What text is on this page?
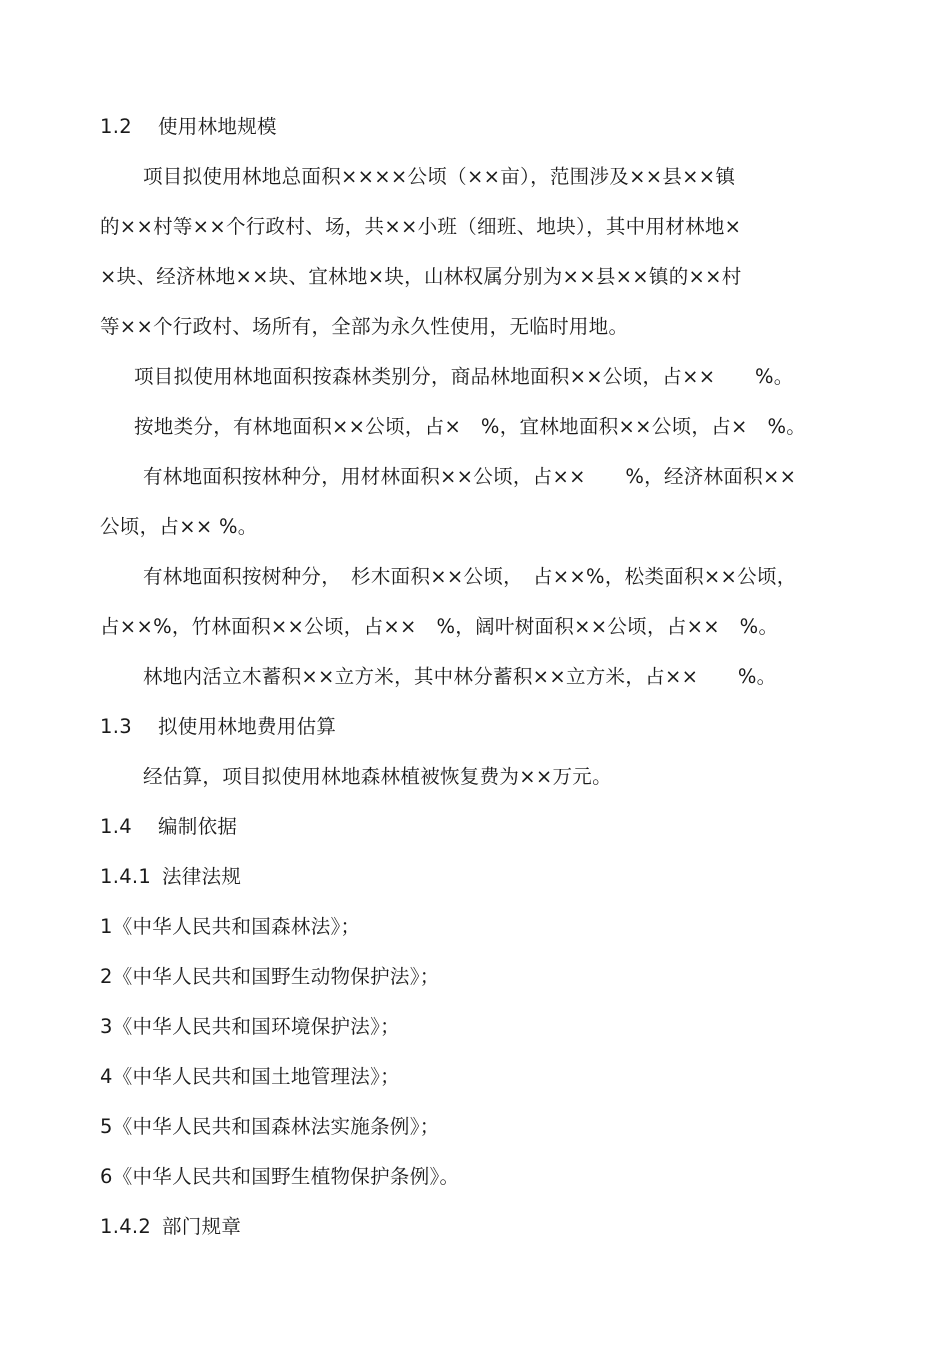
1.2 使用林地规模
项目拟使用林地总面积××××公顷（××亩），范围涉及××县××镇
的××村等××个行政村、场，共××小班（细班、地块），其中用材林地×
×块、经济林地××块、宜林地×块，山林权属分别为××县××镇的××村
等××个行政村、场所有，全部为永久性使用，无临时用地。
项目拟使用林地面积按森林类别分，商品林地面积××公顷，占××　　%。
按地类分，有林地面积××公顷，占×　%，宜林地面积××公顷，占×　%。
有林地面积按林种分，用材林面积××公顷，占××　　%，经济林面积××
公顷，占×× %。
有林地面积按树种分，　杉木面积××公顷，　占××%，松类面积××公顷，
占××%，竹林面积××公顷，占××　%，阔叶树面积××公顷，占××　%。
林地内活立木蓄积××立方米，其中林分蓄积××立方米，占××　　%。
1.3 拟使用林地费用估算
经估算，项目拟使用林地森林植被恢复费为××万元。
1.4 编制依据
1.4.1 法律法规
1《中华人民共和国森林法》；
2《中华人民共和国野生动物保护法》；
3《中华人民共和国环境保护法》；
4《中华人民共和国土地管理法》；
5《中华人民共和国森林法实施条例》；
6《中华人民共和国野生植物保护条例》。
1.4.2 部门规章
